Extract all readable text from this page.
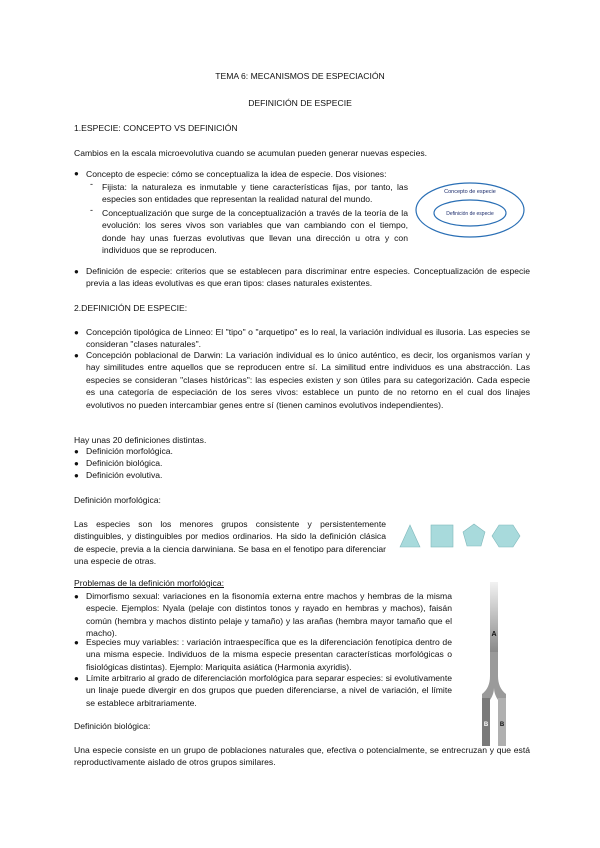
TEMA 6: MECANISMOS DE ESPECIACIÓN
DEFINICIÓN DE ESPECIE
1.ESPECIE: CONCEPTO VS DEFINICIÓN
Cambios en la escala microevolutiva cuando se acumulan pueden generar nuevas especies.
● Concepto de especie: cómo se conceptualiza la idea de especie. Dos visiones:
-	Fijista: la naturaleza es inmutable y tiene características fijas, por tanto, las especies son entidades que representan la realidad natural del mundo.
-	Conceptualización que surge de la conceptualización a través de la teoría de la evolución: los seres vivos son variables que van cambiando con el tiempo, donde hay unas fuerzas evolutivas que llevan una dirección u otra y con individuos que se reproducen.
Concepto de especie
Definición de especie
● Definición de especie: criterios que se establecen para discriminar entre especies. Conceptualización de especie previa a las ideas evolutivas es que eran tipos: clases naturales existentes.
2.DEFINICIÓN DE ESPECIE:
● Concepción tipológica de Linneo: El "tipo" o "arquetipo" es lo real, la variación individual es ilusoria. Las especies se consideran "clases naturales".
● Concepción poblacional de Darwin: La variación individual es lo único auténtico, es decir, los organismos varían y hay similitudes entre aquellos que se reproducen entre sí. La similitud entre individuos es una abstracción. Las especies se consideran "clases históricas": las especies existen y son útiles para su categorización. Cada especie es una categoría de especiación de los seres vivos: establece un punto de no retorno en el cual dos linajes evolutivos no pueden intercambiar genes entre sí (tienen caminos evolutivos independientes).
Hay unas 20 definiciones distintas.
● Definición morfológica.
● Definición biológica.
● Definición evolutiva.
Definición morfológica:
Las especies son los menores grupos consistente y persistentemente distinguibles, y distinguibles por medios ordinarios. Ha sido la definición clásica de especie, previa a la ciencia darwiniana. Se basa en el fenotipo para diferenciar una especie de otras.
Problemas de la definición morfológica:
● Dimorfismo sexual: variaciones en la fisonomía externa entre machos y hembras de la misma especie. Ejemplos: Nyala (pelaje con distintos tonos y rayado en hembras y machos), faisán común (hembra y machos distinto pelaje y tamaño) y las arañas (hembra mayor tamaño que el macho).
● Especies muy variables: : variación intraespecífica que es la diferenciación fenotípica dentro de una misma especie. Individuos de la misma especie presentan características morfológicas o fisiológicas distintas). Ejemplo: Mariquita asiática (Harmonia axyridis).
● Límite arbitrario al grado de diferenciación morfológica para separar especies: si evolutivamente un linaje puede divergir en dos grupos que pueden diferenciarse, a nivel de variación, el límite se establece arbitrariamente.
A
B B
Definición biológica:
Una especie consiste en un grupo de poblaciones naturales que, efectiva o potencialmente, se entrecruzan y que está reproductivamente aislado de otros grupos similares.
